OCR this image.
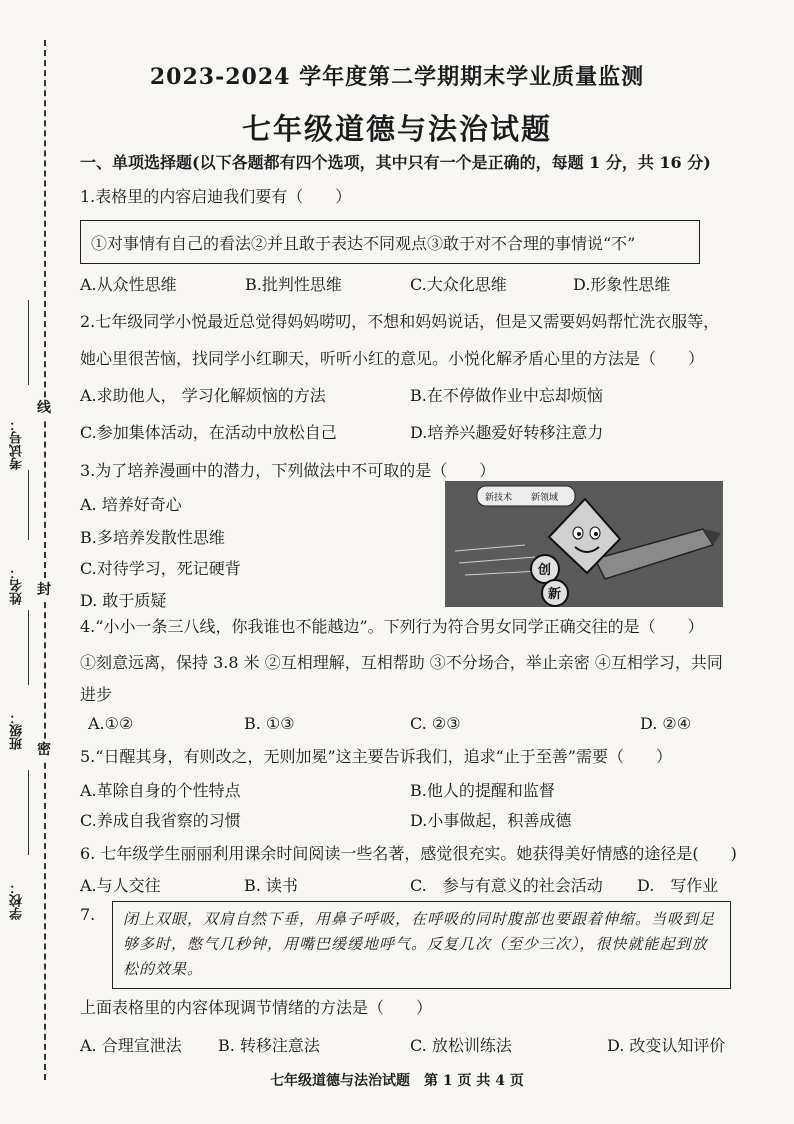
线
封
密
考试号：
姓名：
班级：
学校：
2023-2024 学年度第二学期期末学业质量监测
七年级道德与法治试题
一、单项选择题(以下各题都有四个选项，其中只有一个是正确的，每题 1 分，共 16 分)
1.表格里的内容启迪我们要有（　　）
①对事情有自己的看法②并且敢于表达不同观点③敢于对不合理的事情说“不”
A.从众性思维	B.批判性思维	C.大众化思维	D.形象性思维
2.七年级同学小悦最近总觉得妈妈唠叨，不想和妈妈说话，但是又需要妈妈帮忙洗衣服等，
她心里很苦恼，找同学小红聊天，听听小红的意见。小悦化解矛盾心里的方法是（　　）
A.求助他人， 学习化解烦恼的方法	B.在不停做作业中忘却烦恼
C.参加集体活动，在活动中放松自己	D.培养兴趣爱好转移注意力
3.为了培养漫画中的潜力，下列做法中不可取的是（　　）
A. 培养好奇心
B.多培养发散性思维
C.对待学习，死记硬背
D. 敢于质疑
新技术 新领域
创
新
4.“小小一条三八线，你我谁也不能越边”。下列行为符合男女同学正确交往的是（　　）
①刻意远离，保持 3.8 米 ②互相理解，互相帮助 ③不分场合，举止亲密 ④互相学习，共同
进步
A.①②	B. ①③	C. ②③	D. ②④
5.“日醒其身，有则改之，无则加冕”这主要告诉我们，追求“止于至善”需要（　　）
A.革除自身的个性特点	B.他人的提醒和监督
C.养成自我省察的习惯	D.小事做起，积善成德
6. 七年级学生丽丽利用课余时间阅读一些名著，感觉很充实。她获得美好情感的途径是(　　)
A.与人交往	B. 读书	C.　参与有意义的社会活动 D.　写作业
7. 闭上双眼，双肩自然下垂，用鼻子呼吸，在呼吸的同时腹部也要跟着伸缩。当吸到足够多时，憋气几秒钟，用嘴巴缓缓地呼气。反复几次（至少三次），很快就能起到放松的效果。
上面表格里的内容体现调节情绪的方法是（　　）
A. 合理宣泄法 B. 转移注意法	C. 放松训练法	D. 改变认知评价
七年级道德与法治试题　第 1 页 共 4 页
